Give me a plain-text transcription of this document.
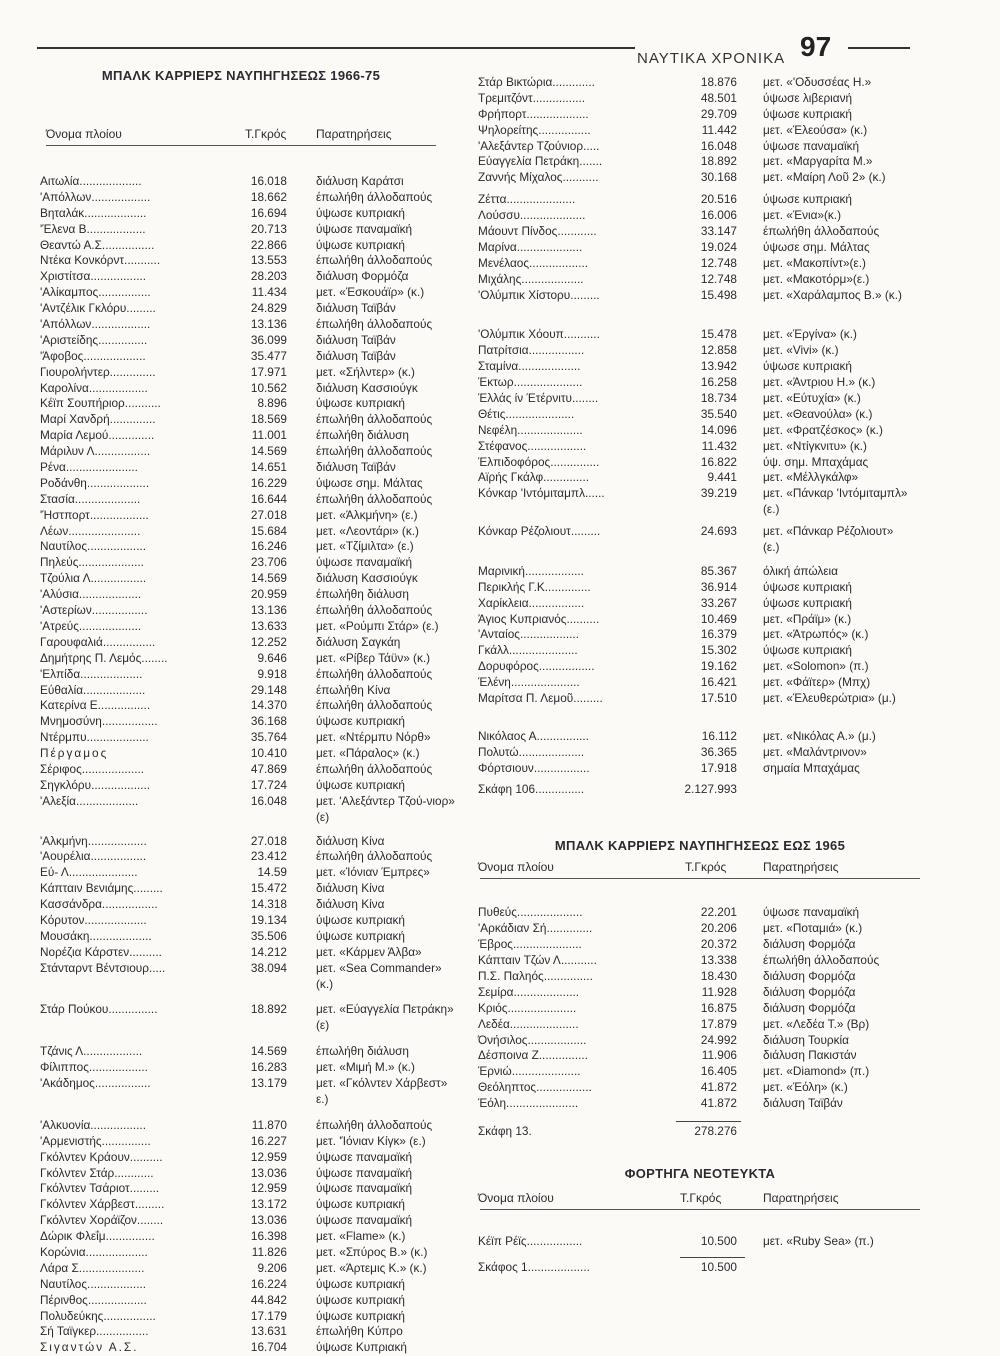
ΝΑΥΤΙΚΑ ΧΡΟΝΙΚΑ 97
ΜΠΑΛΚ ΚΑΡΡΙΕΡΣ ΝΑΥΠΗΓΗΣΕΩΣ 1966-75
Όνομα πλοίου	Τ.Γκρός Παρατηρήσεις
Αιτωλία...................	16.018 διάλυση Καράτσι
'Απόλλων..................	18.662 έπωλήθη άλλοδαπούς
Βηταλάκ...................	16.694 ύψωσε κυπριακή
'Έλενα Β..................	20.713 ύψωσε παναμαϊκή
Θεαντώ Α.Σ................	22.866 ύψωσε κυπριακή
Ντέκα Κονκόρντ...........	13.553 έπωλήθη άλλοδαπούς
Χριστίτσα.................	28.203 διάλυση Φορμόζα
'Αλίκαμπος................	11.434 μετ. «Έσκουάϊρ» (κ.)
'Αντζέλικ Γκλόρυ.........	24.829 διάλυση Ταϊβάν
'Απόλλων..................	13.136 έπωλήθη άλλοδαπούς
'Αριστείδης...............	36.099 διάλυση Ταϊβάν
'Άφοβος...................	35.477 διάλυση Ταϊβάν
Γιουρολήντερ..............	17.971 μετ. «Σήλντερ» (κ.)
Καρολίνα..................	10.562 διάλυση Κασσιούγκ
Κέϊπ Σουπήριορ...........	8.896 ύψωσε κυπριακή
Μαρί Χανδρή..............	18.569 έπωλήθη άλλοδαπούς
Μαρία Λεμού..............	11.001 έπωλήθη διάλυση
Μάριλυν Λ.................	14.569 έπωλήθη άλλοδαπούς
Ρένα......................	14.651 διάλυση Ταϊβάν
Ροδάνθη...................	16.229 ύψωσε σημ. Μάλτας
Στασία....................	16.644 έπωλήθη άλλοδαπούς
'Ήστπορτ..................	27.018 μετ. «Άλκμήνη» (ε.)
Λέων......................	15.684 μετ. «Λεοντάρι» (κ.)
Ναυτίλος..................	16.246 μετ. «Τζίμιλτα» (ε.)
Πηλεύς....................	23.706 ύψωσε παναμαϊκή
Τζούλια Λ.................	14.569 διάλυση Κασσιούγκ
'Αλύσια...................	20.959 έπωλήθη διάλυση
'Αστερίων.................	13.136 έπωλήθη άλλοδαπούς
'Ατρεύς...................	13.633 μετ. «Ρούμπι Στάρ» (ε.)
Γαρουφαλιά................	12.252 διάλυση Σαγκάη
Δημήτρης Π. Λεμός........	9.646 μετ. «Ρίβερ Τάϋν» (κ.)
'Ελπίδα...................	9.918 έπωλήθη άλλοδαπούς
Εύθαλία...................	29.148 έπωλήθη Κίνα
Κατερίνα Ε................	14.370 έπωλήθη άλλοδαπούς
Μνημοσύνη.................	36.168 ύψωσε κυπριακή
Ντέρμπυ...................	35.764 μετ. «Ντέρμπυ Νόρθ»
Πέργαμος	10.410 μετ. «Πάραλος» (κ.)
Σέριφος...................	47.869 έπωλήθη άλλοδαπούς
Σηγκλόρυ..................	17.724 ύψωσε κυπριακή
'Αλεξία...................	16.048 μετ. 'Αλεξάντερ Τζού-νιορ» (ε)
'Αλκμήνη..................	27.018 διάλυση Κίνα
'Αουρέλια.................	23.412 έπωλήθη άλλοδαπούς
Εύ- Λ.....................	14.59 μετ. «Ίόνιαν Έμπρες»
Κάπταιν Βενιάμης.........	15.472 διάλυση Κίνα
Κασσάνδρα.................	14.318 διάλυση Κίνα
Κόρυτον...................	19.134 ύψωσε κυπριακή
Μουσάκη...................	35.506 ύψωσε κυπριακή
Νορέζια Κάρστεν..........	14.212 μετ. «Κάρμεν Άλβα»
Στάνταρντ Βέντσιουρ.....	38.094 μετ. «Sea Commander» (κ.)
Στάρ Πούκου...............	18.892 μετ. «Εύαγγελία Πετράκη» (ε)
Τζάνις Λ..................	14.569 έπωλήθη διάλυση
Φίλιππος..................	16.283 μετ. «Μιμή Μ.» (κ.)
'Ακάδημος.................	13.179 μετ. «Γκόλντεν Χάρβεστ» ε.)
'Αλκυονία.................	11.870 έπωλήθη άλλοδαπούς
'Αρμενιστής...............	16.227 μετ. 'Ίόνιαν Κίγκ» (ε.)
Γκόλντεν Κράουν..........	12.959 ύψωσε παναμαϊκή
Γκόλντεν Στάρ............	13.036 ύψωσε παναμαϊκή
Γκόλντεν Τσάριοτ.........	12.959 ύψωσε παναμαϊκή
Γκόλντεν Χάρβεστ.........	13.172 ύψωσε κυπριακή
Γκόλντεν Χοράϊζον........	13.036 ύψωσε παναμαϊκή
Δώρικ Φλεΐμ...............	16.398 μετ. «Flame» (κ.)
Κορώνια...................	11.826 μετ. «Σπύρος Β.» (κ.)
Λάρα Σ....................	9.206 μετ. «Άρτεμις Κ.» (κ.)
Ναυτίλος..................	16.224 ύψωσε κυπριακή
Πέρινθος..................	44.842 ύψωσε κυπριακή
Πολυδεύκης................	17.179 ύψωσε κυπριακή
Σή Ταϊγκερ................	13.631 έπωλήθη Κύπρο
Σιγαντών Α.Σ.	16.704 ύψωσε Κυπριακή
Στάρ Βικτώρια.............	18.876 μετ. «'Οδυσσέας Η.»
Τρεμιτζόντ................	48.501 ύψωσε λιβεριανή
Φρήπορτ...................	29.709 ύψωσε κυπριακή
Ψηλορείτης................	11.442 μετ. «Έλεούσα» (κ.)
'Αλεξάντερ Τζούνιορ.....	16.048 ύψωσε παναμαϊκή
Εύαγγελία Πετράκη.......	18.892 μετ. «Μαργαρίτα Μ.»
Ζαννής Μίχαλος...........	30.168 μετ. «Μαίρη Λοῦ 2» (κ.)
Ζέττα.....................	20.516 ύψωσε κυπριακή
Λούσσυ....................	16.006 μετ. «Ένια»(κ.)
Μάουντ Πίνδος............	33.147 έπωλήθη άλλοδαπούς
Μαρίνα....................	19.024 ύψωσε σημ. Μάλτας
Μενέλαος..................	12.748 μετ. «Μακοπίντ»(ε.)
Μιχάλης...................	12.748 μετ. «Μακοτόρμ»(ε.)
'Ολύμπικ Χίστορυ.........	15.498 μετ. «Χαράλαμπος Β.» (κ.)
'Ολύμπικ Χόουπ...........	15.478 μετ. «Έργίνα» (κ.)
Πατρίτσια.................	12.858 μετ. «Vivi» (κ.)
Σταμίνα...................	13.942 ύψωσε κυπριακή
Έκτωρ.....................	16.258 μετ. «Άντριου Η.» (κ.)
Έλλάς ίν Έτέρνιτυ........	18.734 μετ. «Εύτυχία» (κ.)
Θέτις.....................	35.540 μετ. «Θεανούλα» (κ.)
Νεφέλη....................	14.096 μετ. «Φρατζέσκος» (κ.)
Στέφανος..................	11.432 μετ. «Ντίγκνιτυ» (κ.)
Έλπιδοφόρος...............	16.822 ύψ. σημ. Μπαχάμας
Αϊρής Γκάλφ..............	9.441 μετ. «Μέλλγκάλφ»
Κόνκαρ 'Ιντόμιταμπλ......	39.219 μετ. «Πάνκαρ 'Ιντόμιταμπλ» (ε.)
Κόνκαρ Ρέζολιουτ.........	24.693 μετ. «Πάνκαρ Ρέζολιουτ» (ε.)
Μαρινική..................	85.367 όλική άπώλεια
Περικλής Γ.Κ..............	36.914 ύψωσε κυπριακή
Χαρίκλεια.................	33.267 ύψωσε κυπριακή
Άγιος Κυπριανός..........	10.469 μετ. «Πράϊμ» (κ.)
'Ανταίος..................	16.379 μετ. «Άτρωπός» (κ.)
Γκάλλ.....................	15.302 ύψωσε κυπριακή
Δορυφόρος.................	19.162 μετ. «Solomon» (π.)
Έλένη.....................	16.421 μετ. «Φάϊτερ» (Μπχ)
Μαρίτσα Π. Λεμοῦ.........	17.510 μετ. «Έλευθερώτρια» (μ.)
Νικόλαος Α................	16.112 μετ. «Νικόλας Α.» (μ.)
Πολυτώ....................	36.365 μετ. «Μαλάντρινον»
Φόρτσιουν.................	17.918 σημαία Μπαχάμας
Σκάφη 106...............	2.127.993
ΜΠΑΛΚ ΚΑΡΡΙΕΡΣ ΝΑΥΠΗΓΗΣΕΩΣ ΕΩΣ 1965
Όνομα πλοίου	Τ.Γκρός	Παρατηρήσεις
Πυθεύς....................	22.201 ύψωσε παναμαϊκή
'Αρκάδιαν Σή..............	20.206 μετ. «Ποταμιά» (κ.)
Έβρος.....................	20.372 διάλυση Φορμόζα
Κάπταιν Τζών Λ...........	13.338 έπωλήθη άλλοδαπούς
Π.Σ. Παληός...............	18.430 διάλυση Φορμόζα
Σεμίρα....................	11.928 διάλυση Φορμόζα
Κριός.....................	16.875 διάλυση Φορμόζα
Λεδέα.....................	17.879 μετ. «Λεδέα Τ.» (Βρ)
Όνήσιλος..................	24.992 διάλυση Τουρκία
Δέσποινα Ζ...............	11.906 διάλυση Πακιστάν
Έρνιώ.....................	16.405 μετ. «Diamond» (π.)
Θεόληπτος.................	41.872 μετ. «Έόλη» (κ.)
Έόλη......................	41.872 διάλυση Ταϊβάν
Σκάφη 13.	278.276
ΦΟΡΤΗΓΑ ΝΕΟΤΕΥΚΤΑ
Όνομα πλοίου	Τ.Γκρός	Παρατηρήσεις
Κέϊπ Ρέϊς.................	10.500 μετ. «Ruby Sea» (π.)
Σκάφος 1...................	10.500
